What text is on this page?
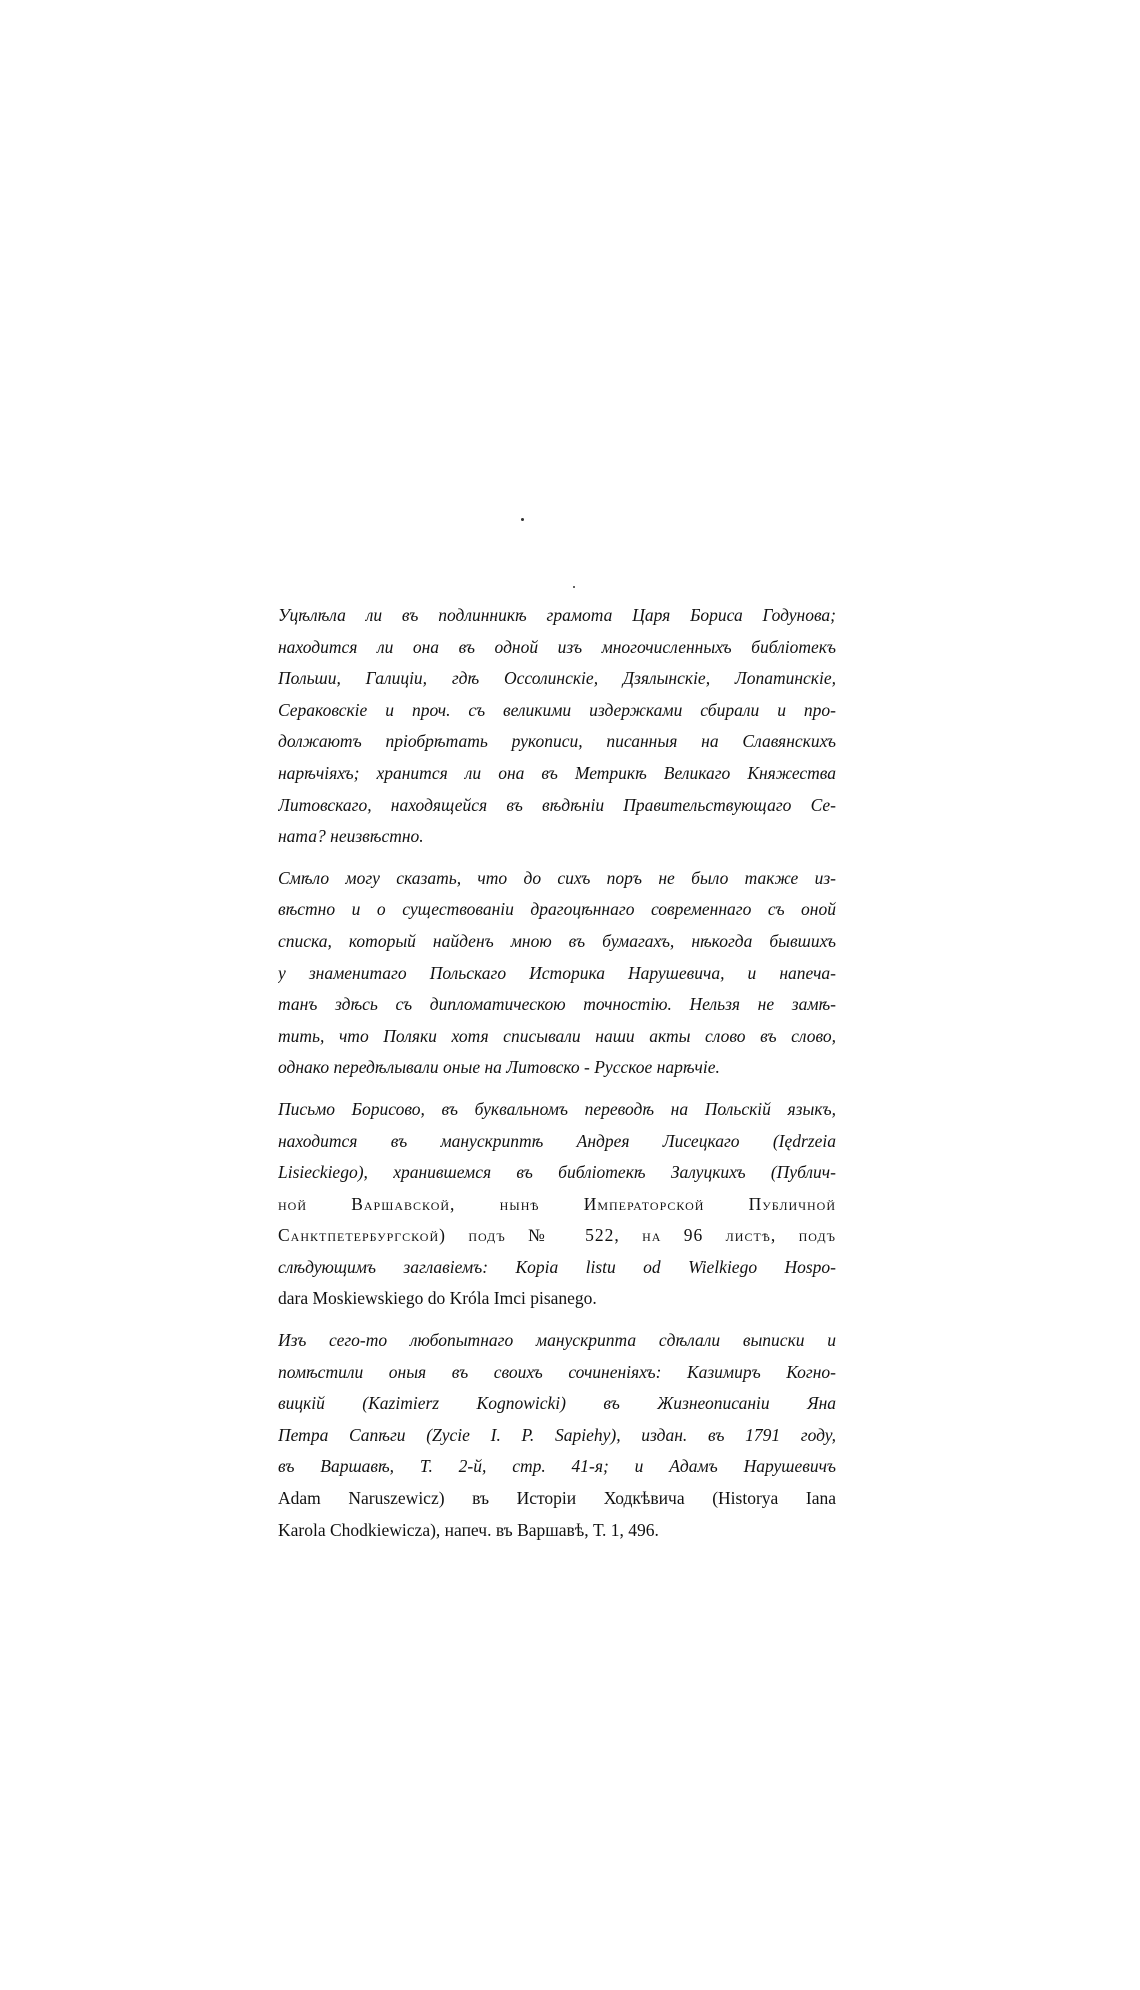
Уцѣлѣла ли въ подлинникѣ грамота Царя Бориса Годунова;
находится ли она въ одной изъ многочисленныхъ библіотекъ
Польши, Галиціи, гдѣ Оссолинскіе, Дзялынскіе, Лопатинскіе,
Сераковскіе и проч. съ великими издержками сбирали и про-
должаютъ пріобрѣтать рукописи, писанныя на Славянскихъ
нарѣчіяхъ; хранится ли она въ Метрикѣ Великаго Княжества
Литовскаго, находящейся въ вѣдѣніи Правительствующаго Се-
ната? неизвѣстно.
Смѣло могу сказать, что до сихъ поръ не было также из-
вѣстно и о существованіи драгоцѣннаго современнаго съ оной
списка, который найденъ мною въ бумагахъ, нѣкогда бывшихъ
у знаменитаго Польскаго Историка Нарушевича, и напеча-
танъ здѣсь съ дипломатическою точностію. Нельзя не замѣ-
тить, что Поляки хотя списывали наши акты слово въ слово,
однако передѣлывали оные на Литовско - Русское нарѣчіе.
Письмо Борисово, въ буквальномъ переводѣ на Польскій языкъ,
находится въ манускриптѣ Андрея Лисецкаго (Iędrzeia
Lisieckiego), хранившемся въ библіотекѣ Залуцкихъ (Публич-
ной Варшавской, нынѣ Императорской Публичной
Санктпетербургской) подъ № 522, на 96 листѣ, подъ
слѣдующимъ заглавіемъ: Kopia listu od Wielkiego Hospo-
dara Moskiewskiego do Króla Imci pisanego.
Изъ сего-то любопытнаго манускрипта сдѣлали выписки и
помѣстили оныя въ своихъ сочиненіяхъ: Казимиръ Когно-
вицкій (Kazimierz Kognowicki) въ Жизнеописаніи Яна
Петра Сапѣги (Zycie I. P. Sapiehy), издан. въ 1791 году,
въ Варшавѣ, Т. 2-й, стр. 41-я; и Адамъ Нарушевичъ
Adam Naruszewicz) въ Исторіи Ходкѣвича (Historya Iana
Karola Chodkiewicza), напеч. въ Варшавѣ, Т. 1, 496.
